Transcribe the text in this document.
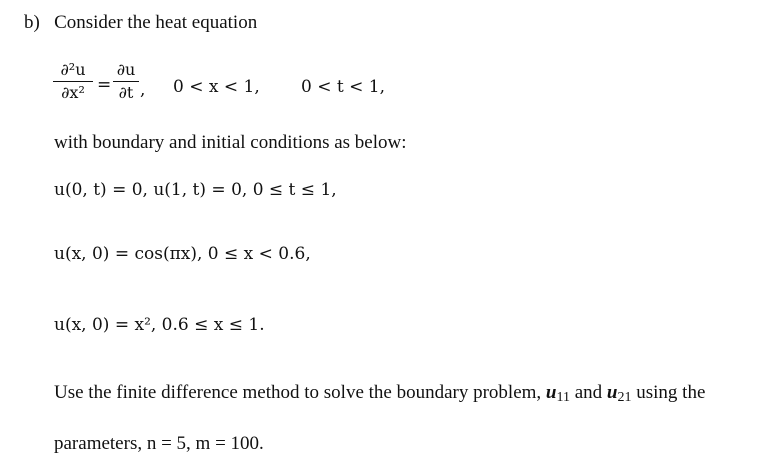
b) Consider the heat equation
∂²u
∂x² =
∂u
∂t , 0 < x < 1, 0 < t < 1,
with boundary and initial conditions as below:
u(0, t) = 0, u(1, t) = 0, 0 ≤ t ≤ 1,
u(x, 0) = cos(πx), 0 ≤ x < 0.6,
u(x, 0) = x², 0.6 ≤ x ≤ 1.
Use the finite difference method to solve the boundary problem, $u_{11}$ and $u_{21}$ using the
parameters, n = 5, m = 100.
